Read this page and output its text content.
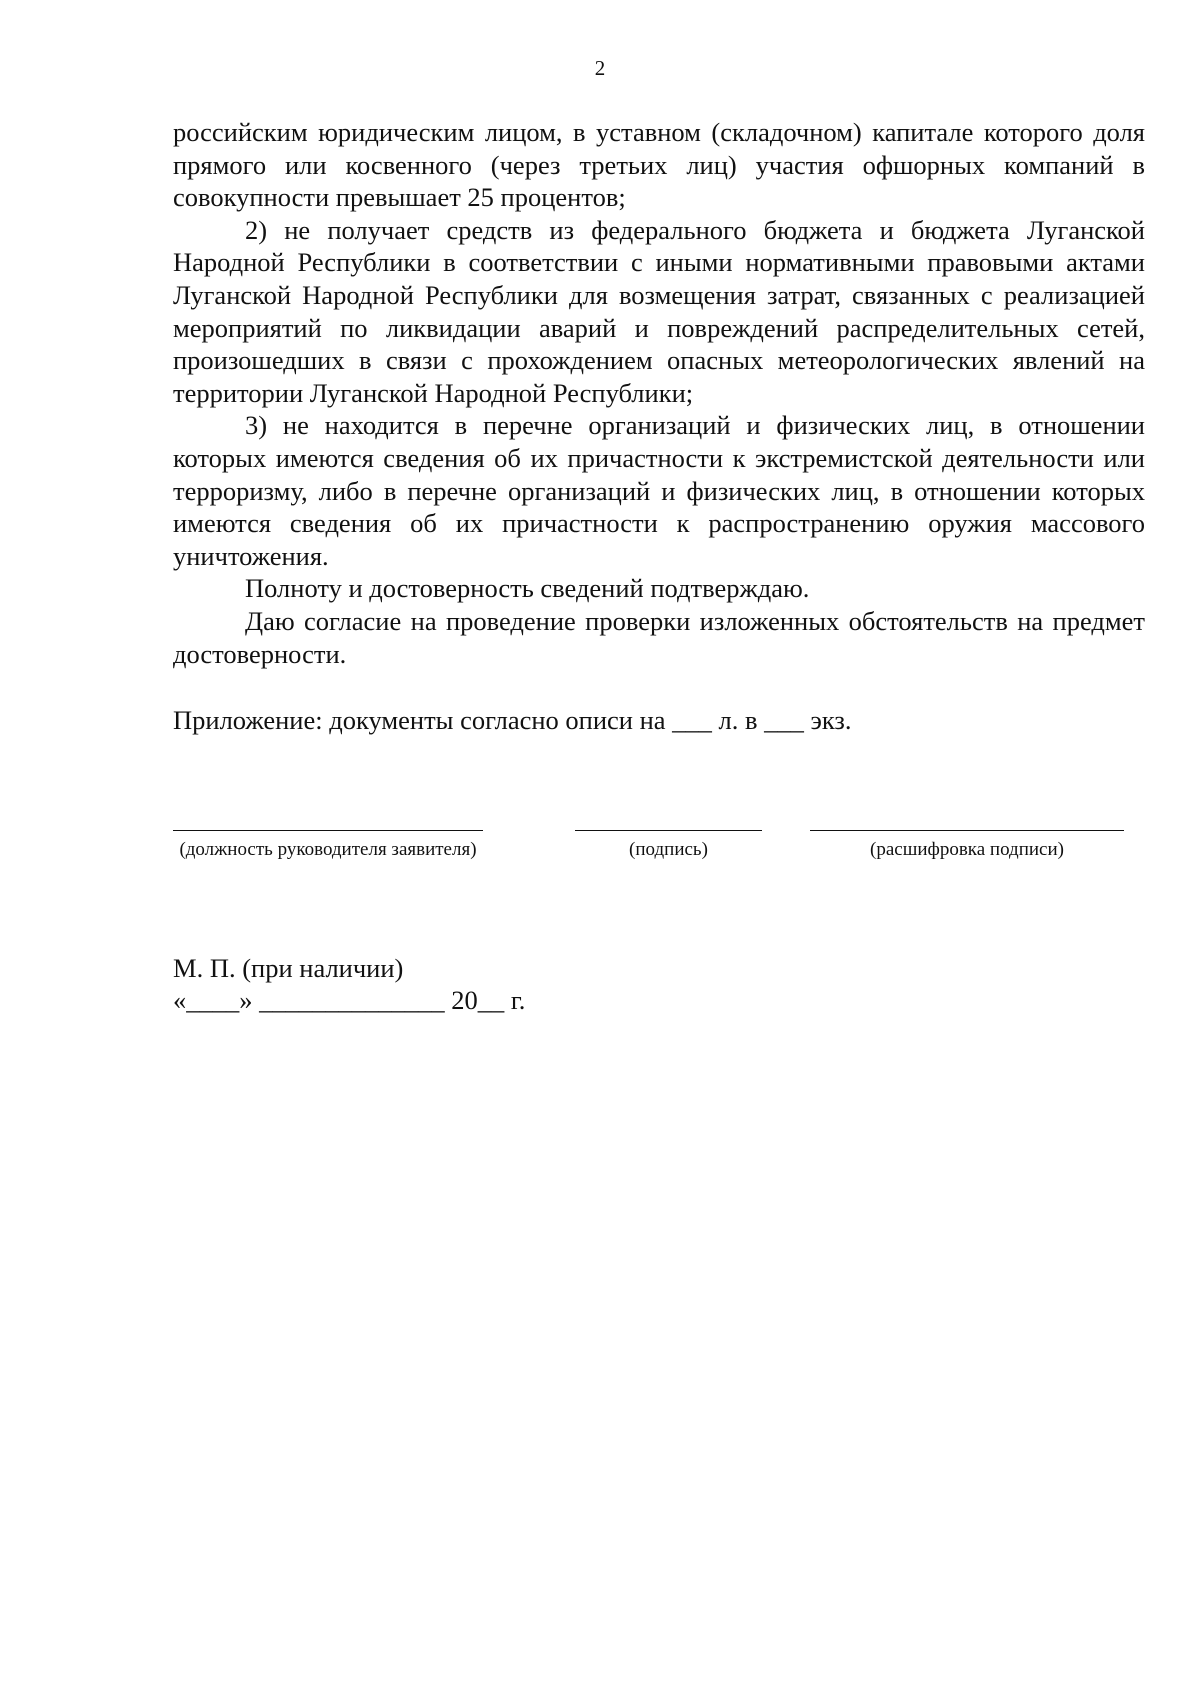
2

российским юридическим лицом, в уставном (складочном) капитале которого доля прямого или косвенного (через третьих лиц) участия офшорных компаний в совокупности превышает 25 процентов;

2) не получает средств из федерального бюджета и бюджета Луганской Народной Республики в соответствии с иными нормативными правовыми актами Луганской Народной Республики для возмещения затрат, связанных с реализацией мероприятий по ликвидации аварий и повреждений распределительных сетей, произошедших в связи с прохождением опасных метеорологических явлений на территории Луганской Народной Республики;

3) не находится в перечне организаций и физических лиц, в отношении которых имеются сведения об их причастности к экстремистской деятельности или терроризму, либо в перечне организаций и физических лиц, в отношении которых имеются сведения об их причастности к распространению оружия массового уничтожения.

Полноту и достоверность сведений подтверждаю.

Даю согласие на проведение проверки изложенных обстоятельств на предмет достоверности.

Приложение: документы согласно описи на ___ л. в ___ экз.
(должность руководителя заявителя)	(подпись)	(расшифровка подписи)
М. П. (при наличии)
«____» ______________ 20__ г.
